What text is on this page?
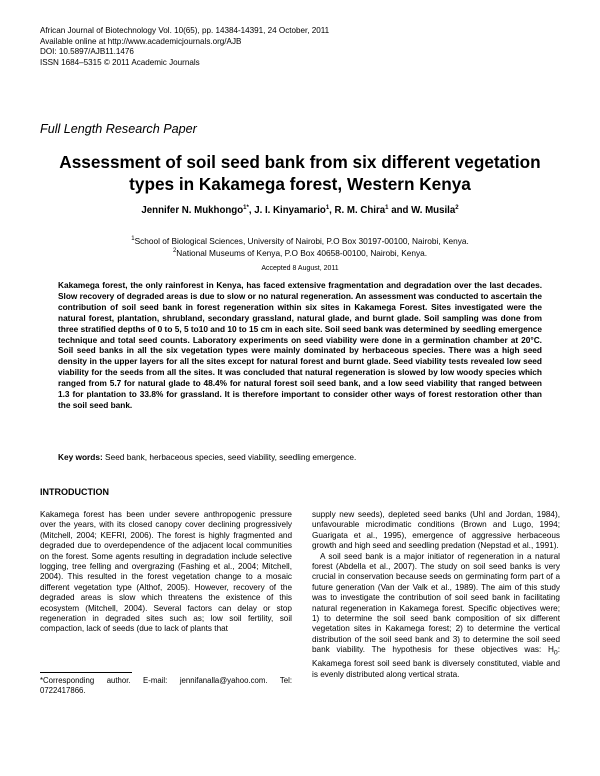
African Journal of Biotechnology Vol. 10(65), pp. 14384-14391, 24 October, 2011
Available online at http://www.academicjournals.org/AJB
DOI: 10.5897/AJB11.1476
ISSN 1684–5315 © 2011 Academic Journals
Full Length Research Paper
Assessment of soil seed bank from six different vegetation types in Kakamega forest, Western Kenya
Jennifer N. Mukhongo$^{1*}$, J. I. Kinyamario$^1$, R. M. Chira$^1$ and W. Musila$^2$
$^1$School of Biological Sciences, University of Nairobi, P.O Box 30197-00100, Nairobi, Kenya.
$^2$National Museums of Kenya, P.O Box 40658-00100, Nairobi, Kenya.
Accepted 8 August, 2011
Kakamega forest, the only rainforest in Kenya, has faced extensive fragmentation and degradation over the last decades. Slow recovery of degraded areas is due to slow or no natural regeneration. An assessment was conducted to ascertain the contribution of soil seed bank in forest regeneration within six sites in Kakamega Forest. Sites investigated were the natural forest, plantation, shrubland, secondary grassland, natural glade, and burnt glade. Soil sampling was done from three stratified depths of 0 to 5, 5 to10 and 10 to 15 cm in each site. Soil seed bank was determined by seedling emergence technique and total seed counts. Laboratory experiments on seed viability were done in a germination chamber at 20°C. Soil seed banks in all the six vegetation types were mainly dominated by herbaceous species. There was a high seed density in the upper layers for all the sites except for natural forest and burnt glade. Seed viability tests revealed low seed viability for the seeds from all the sites. It was concluded that natural regeneration is slowed by low woody species which ranged from 5.7 for natural glade to 48.4% for natural forest soil seed bank, and a low seed viability that ranged between 1.3 for plantation to 33.8% for grassland. It is therefore important to consider other ways of forest restoration other than the soil seed bank.
Key words: Seed bank, herbaceous species, seed viability, seedling emergence.
INTRODUCTION

Kakamega forest has been under severe anthropogenic pressure over the years, with its closed canopy cover declining progressively (Mitchell, 2004; KEFRI, 2006). The forest is highly fragmented and degraded due to overdependence of the adjacent local communities on the forest. Some agents resulting in degradation include selective logging, tree felling and overgrazing (Fashing et al., 2004; Mitchell, 2004). This resulted in the forest vegetation change to a mosaic different vegetation type (Althof, 2005). However, recovery of the degraded areas is slow which threatens the existence of this ecosystem (Mitchell, 2004). Several factors can delay or stop regeneration in degraded sites such as; low soil fertility, soil compaction, lack of seeds (due to lack of plants that

supply new seeds), depleted seed banks (Uhl and Jordan, 1984), unfavourable microdimatic conditions (Brown and Lugo, 1994; Guarigata et al., 1995), emergence of aggressive herbaceous growth and high seed and seedling predation (Nepstad et al., 1991).

A soil seed bank is a major initiator of regeneration in a natural forest (Abdella et al., 2007). The study on soil seed banks is very crucial in conservation because seeds on germinating form part of a future generation (Van der Valk et al., 1989). The aim of this study was to investigate the contribution of soil seed bank in facilitating natural regeneration in Kakamega forest. Specific objectives were; 1) to determine the soil seed bank composition of six different vegetation sites in Kakamega forest; 2) to determine the vertical distribution of the soil seed bank and 3) to determine the soil seed bank viability. The hypothesis for these objectives was: $H_0$: Kakamega forest soil seed bank is diversely constituted, viable and is evenly distributed along vertical strata.

*Corresponding author. E-mail: jennifanalla@yahoo.com. Tel: 0722417866.
